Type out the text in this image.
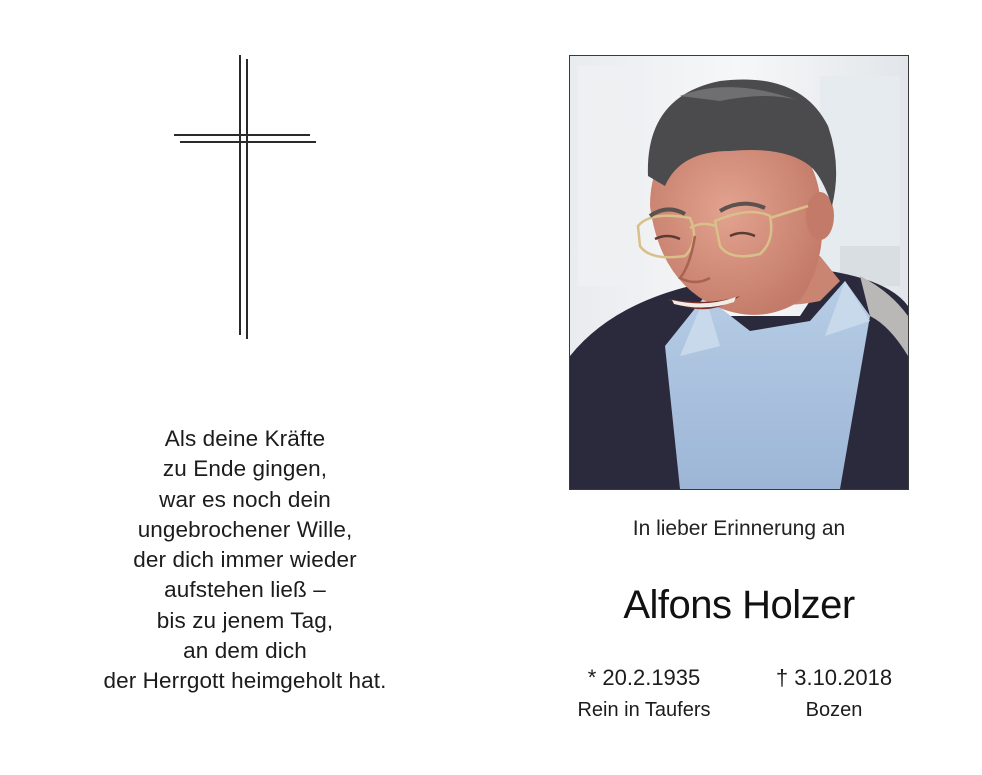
Als deine Kräfte
zu Ende gingen,
war es noch dein
ungebrochener Wille,
der dich immer wieder
aufstehen ließ –
bis zu jenem Tag,
an dem dich
der Herrgott heimgeholt hat.
In lieber Erinnerung an
Alfons Holzer
* 20.2.1935
Rein in Taufers
† 3.10.2018
Bozen
